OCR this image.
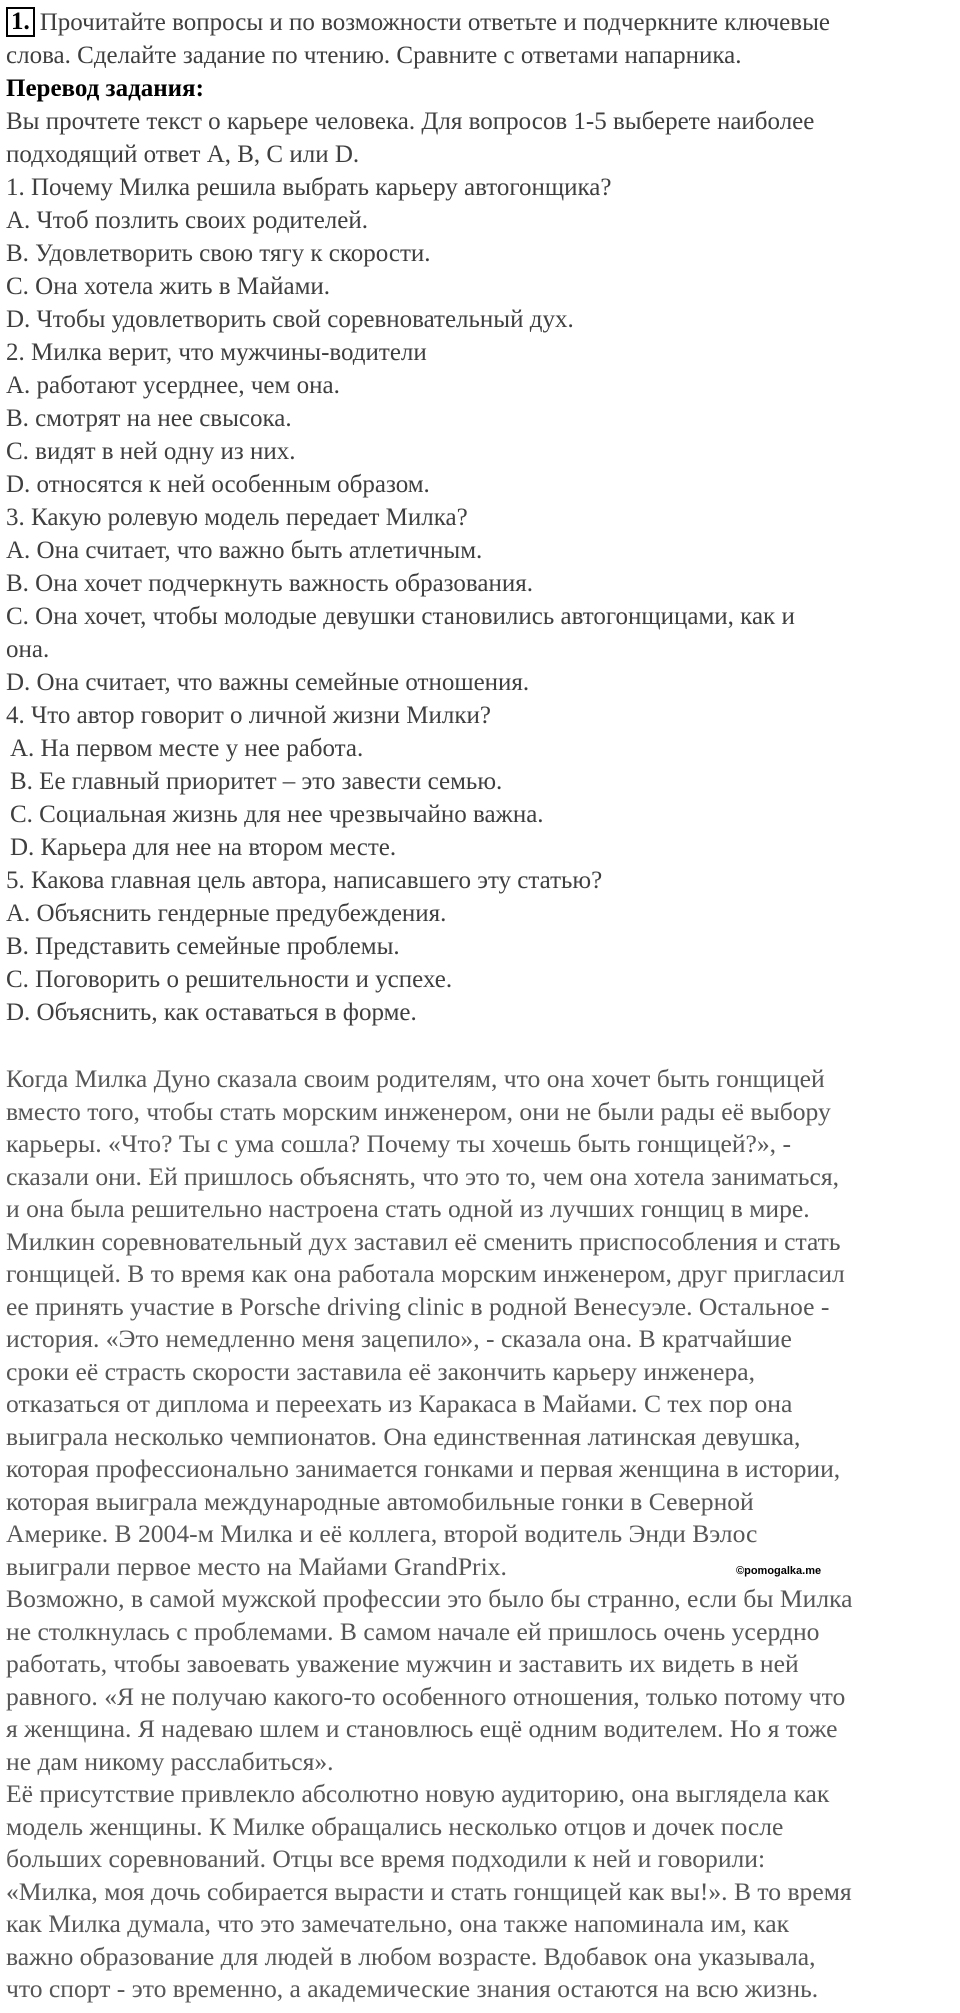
1. Прочитайте вопросы и по возможности ответьте и подчеркните ключевые
слова. Сделайте задание по чтению. Сравните с ответами напарника.
Перевод задания:
Вы прочтете текст о карьере человека. Для вопросов 1-5 выберете наиболее
подходящий ответ A, B, C или D.
1. Почему Милка решила выбрать карьеру автогонщика?
A. Чтоб позлить своих родителей.
B. Удовлетворить свою тягу к скорости.
C. Она хотела жить в Майами.
D. Чтобы удовлетворить свой соревновательный дух.
2. Милка верит, что мужчины-водители
A. работают усерднее, чем она.
B. смотрят на нее свысока.
C. видят в ней одну из них.
D. относятся к ней особенным образом.
3. Какую ролевую модель передает Милка?
A. Она считает, что важно быть атлетичным.
B. Она хочет подчеркнуть важность образования.
C. Она хочет, чтобы молодые девушки становились автогонщицами, как и
она.
D. Она считает, что важны семейные отношения.
4. Что автор говорит о личной жизни Милки?
A. На первом месте у нее работа.
B. Ее главный приоритет – это завести семью.
C. Социальная жизнь для нее чрезвычайно важна.
D. Карьера для нее на втором месте.
5. Какова главная цель автора, написавшего эту статью?
A. Объяснить гендерные предубеждения.
B. Представить семейные проблемы.
C. Поговорить о решительности и успехе.
D. Объяснить, как оставаться в форме.
Когда Милка Дуно сказала своим родителям, что она хочет быть гонщицей
вместо того, чтобы стать морским инженером, они не были рады её выбору
карьеры. «Что? Ты с ума сошла? Почему ты хочешь быть гонщицей?», -
сказали они. Ей пришлось объяснять, что это то, чем она хотела заниматься,
и она была решительно настроена стать одной из лучших гонщиц в мире.
Милкин соревновательный дух заставил её сменить приспособления и стать
гонщицей. В то время как она работала морским инженером, друг пригласил
ее принять участие в Porsche driving clinic в родной Венесуэле. Остальное -
история. «Это немедленно меня зацепило», - сказала она. В кратчайшие
сроки её страсть скорости заставила её закончить карьеру инженера,
отказаться от диплома и переехать из Каракаса в Майами. С тех пор она
выиграла несколько чемпионатов. Она единственная латинская девушка,
которая профессионально занимается гонками и первая женщина в истории,
которая выиграла международные автомобильные гонки в Северной
Америке. В 2004-м Милка и её коллега, второй водитель Энди Вэлос
выиграли первое место на Майами GrandPrix.
Возможно, в самой мужской профессии это было бы странно, если бы Милка
не столкнулась с проблемами. В самом начале ей пришлось очень усердно
работать, чтобы завоевать уважение мужчин и заставить их видеть в ней
равного. «Я не получаю какого-то особенного отношения, только потому что
я женщина. Я надеваю шлем и становлюсь ещё одним водителем. Но я тоже
не дам никому расслабиться».
Её присутствие привлекло абсолютно новую аудиторию, она выглядела как
модель женщины. К Милке обращались несколько отцов и дочек после
больших соревнований. Отцы все время подходили к ней и говорили:
«Милка, моя дочь собирается вырасти и стать гонщицей как вы!». В то время
как Милка думала, что это замечательно, она также напоминала им, как
важно образование для людей в любом возрасте. Вдобавок она указывала,
что спорт - это временно, а академические знания остаются на всю жизнь.
©pomogalka.me
